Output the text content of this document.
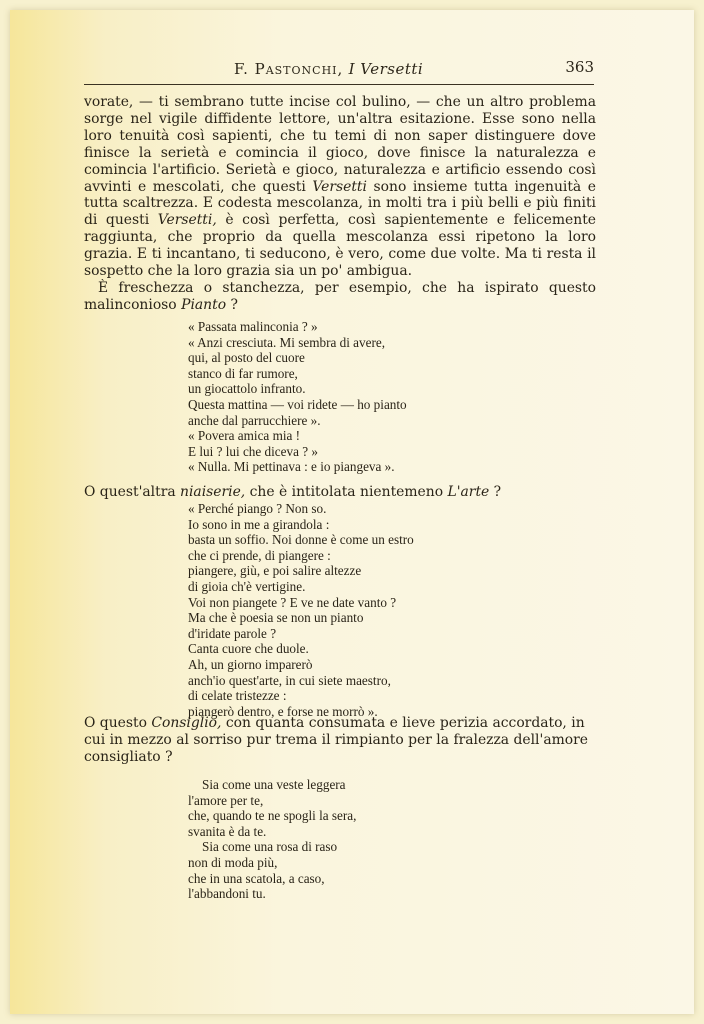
F. Pastonchi, I Versetti	363

vorate, — ti sembrano tutte incise col bulino, — che un altro problema sorge nel vigile diffidente lettore, un'altra esitazione. Esse sono nella loro tenuità così sapienti, che tu temi di non saper distinguere dove finisce la serietà e comincia il gioco, dove finisce la naturalezza e comincia l'artificio. Serietà e gioco, naturalezza e artificio essendo così avvinti e mescolati, che questi Versetti sono insieme tutta ingenuità e tutta scaltrezza. E codesta mescolanza, in molti tra i più belli e più finiti di questi Versetti, è così perfetta, così sapientemente e felicemente raggiunta, che proprio da quella mescolanza essi ripetono la loro grazia. E ti incantano, ti seducono, è vero, come due volte. Ma ti resta il sospetto che la loro grazia sia un po' ambigua.

È freschezza o stanchezza, per esempio, che ha ispirato questo malinconioso Pianto ?

« Passata malinconia ? »
« Anzi cresciuta. Mi sembra di avere,
qui, al posto del cuore
stanco di far rumore,
un giocattolo infranto.
Questa mattina — voi ridete — ho pianto
anche dal parrucchiere ».
« Povera amica mia !
E lui ? lui che diceva ? »
« Nulla. Mi pettinava : e io piangeva ».
O quest'altra niaiserie, che è intitolata nientemeno L'arte ?
« Perché piango ? Non so.
Io sono in me a girandola :
basta un soffio. Noi donne è come un estro
che ci prende, di piangere :
piangere, giù, e poi salire altezze
di gioia ch'è vertigine.
Voi non piangete ? E ve ne date vanto ?
Ma che è poesia se non un pianto
d'iridate parole ?
Canta cuore che duole.
Ah, un giorno imparerò
anch'io quest'arte, in cui siete maestro,
di celate tristezze :
piangerò dentro, e forse ne morrò ».
O questo Consiglio, con quanta consumata e lieve perizia accordato, in cui in mezzo al sorriso pur trema il rimpianto per la fralezza dell'amore consigliato ?
Sia come una veste leggera
l'amore per te,
che, quando te ne spogli la sera,
svanita è da te.
Sia come una rosa di raso
non di moda più,
che in una scatola, a caso,
l'abbandoni tu.
